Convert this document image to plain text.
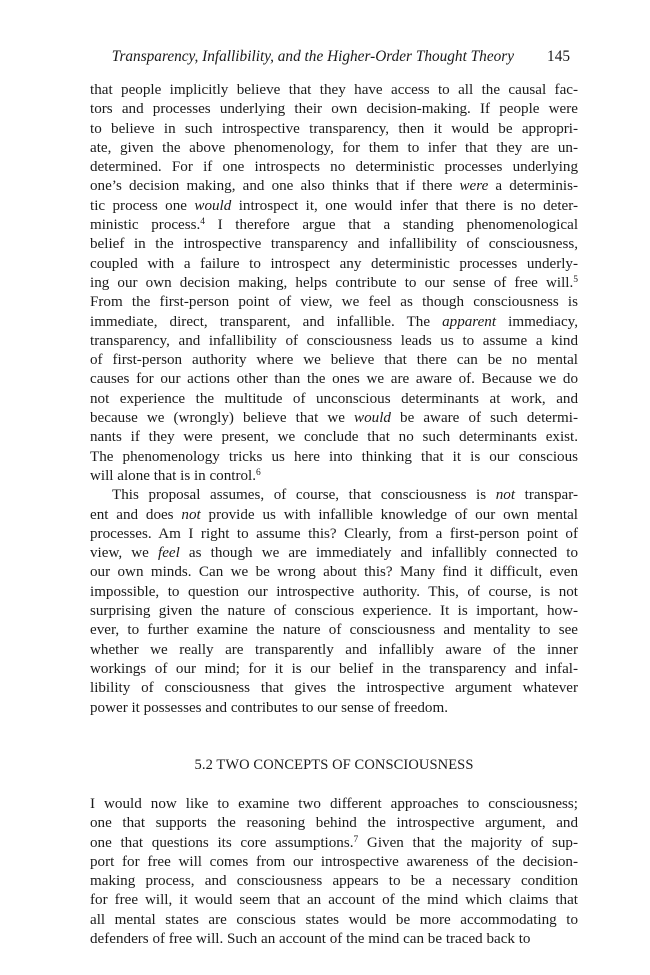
Transparency, Infallibility, and the Higher-Order Thought Theory 145
that people implicitly believe that they have access to all the causal fac-
tors and processes underlying their own decision-making. If people were
to believe in such introspective transparency, then it would be appropri-
ate, given the above phenomenology, for them to infer that they are un-
determined. For if one introspects no deterministic processes underlying
one’s decision making, and one also thinks that if there were a determinis-
tic process one would introspect it, one would infer that there is no deter-
ministic process.$^4$ I therefore argue that a standing phenomenological
belief in the introspective transparency and infallibility of consciousness,
coupled with a failure to introspect any deterministic processes underly-
ing our own decision making, helps contribute to our sense of free will.$^5$
From the first-person point of view, we feel as though consciousness is
immediate, direct, transparent, and infallible. The apparent immediacy,
transparency, and infallibility of consciousness leads us to assume a kind
of first-person authority where we believe that there can be no mental
causes for our actions other than the ones we are aware of. Because we do
not experience the multitude of unconscious determinants at work, and
because we (wrongly) believe that we would be aware of such determi-
nants if they were present, we conclude that no such determinants exist.
The phenomenology tricks us here into thinking that it is our conscious
will alone that is in control.$^6$
This proposal assumes, of course, that consciousness is not transpar-
ent and does not provide us with infallible knowledge of our own mental
processes. Am I right to assume this? Clearly, from a first-person point of
view, we feel as though we are immediately and infallibly connected to
our own minds. Can we be wrong about this? Many find it difficult, even
impossible, to question our introspective authority. This, of course, is not
surprising given the nature of conscious experience. It is important, how-
ever, to further examine the nature of consciousness and mentality to see
whether we really are transparently and infallibly aware of the inner
workings of our mind; for it is our belief in the transparency and infal-
libility of consciousness that gives the introspective argument whatever
power it possesses and contributes to our sense of freedom.
5.2 TWO CONCEPTS OF CONSCIOUSNESS
I would now like to examine two different approaches to consciousness;
one that supports the reasoning behind the introspective argument, and
one that questions its core assumptions.$^7$ Given that the majority of sup-
port for free will comes from our introspective awareness of the decision-
making process, and consciousness appears to be a necessary condition
for free will, it would seem that an account of the mind which claims that
all mental states are conscious states would be more accommodating to
defenders of free will. Such an account of the mind can be traced back to
